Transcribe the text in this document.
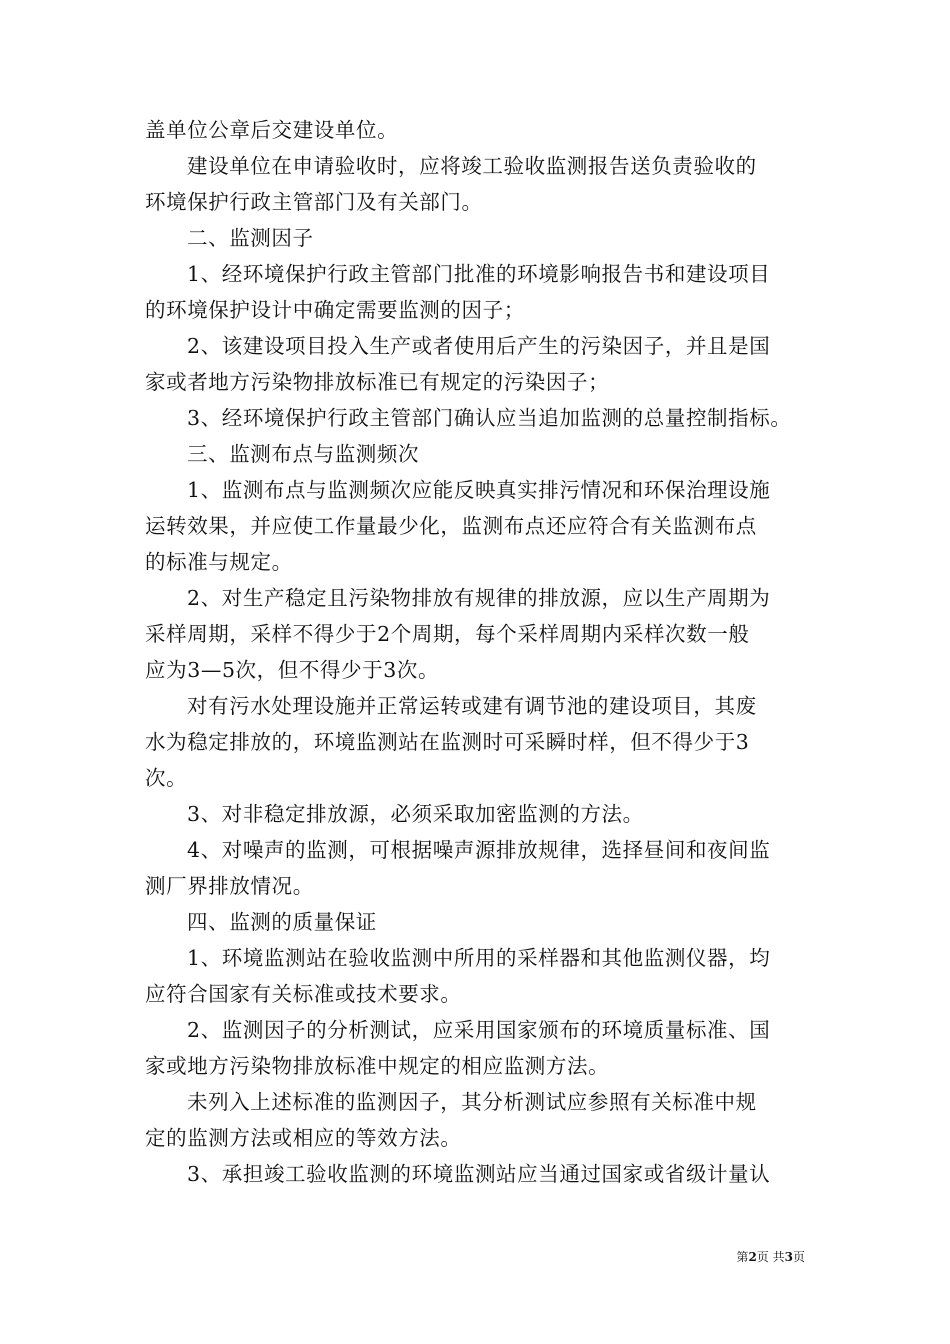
盖单位公章后交建设单位。
建设单位在申请验收时，应将竣工验收监测报告送负责验收的
环境保护行政主管部门及有关部门。
二、监测因子
1、经环境保护行政主管部门批准的环境影响报告书和建设项目
的环境保护设计中确定需要监测的因子；
2、该建设项目投入生产或者使用后产生的污染因子，并且是国
家或者地方污染物排放标准已有规定的污染因子；
3、经环境保护行政主管部门确认应当追加监测的总量控制指标。
三、监测布点与监测频次
1、监测布点与监测频次应能反映真实排污情况和环保治理设施
运转效果，并应使工作量最少化，监测布点还应符合有关监测布点
的标准与规定。
2、对生产稳定且污染物排放有规律的排放源，应以生产周期为
采样周期，采样不得少于2个周期，每个采样周期内采样次数一般
应为3—5次，但不得少于3次。
对有污水处理设施并正常运转或建有调节池的建设项目，其废
水为稳定排放的，环境监测站在监测时可采瞬时样，但不得少于3
次。
3、对非稳定排放源，必须采取加密监测的方法。
4、对噪声的监测，可根据噪声源排放规律，选择昼间和夜间监
测厂界排放情况。
四、监测的质量保证
1、环境监测站在验收监测中所用的采样器和其他监测仪器，均
应符合国家有关标准或技术要求。
2、监测因子的分析测试，应采用国家颁布的环境质量标准、国
家或地方污染物排放标准中规定的相应监测方法。
未列入上述标准的监测因子，其分析测试应参照有关标准中规
定的监测方法或相应的等效方法。
3、承担竣工验收监测的环境监测站应当通过国家或省级计量认
第2页 共3页
